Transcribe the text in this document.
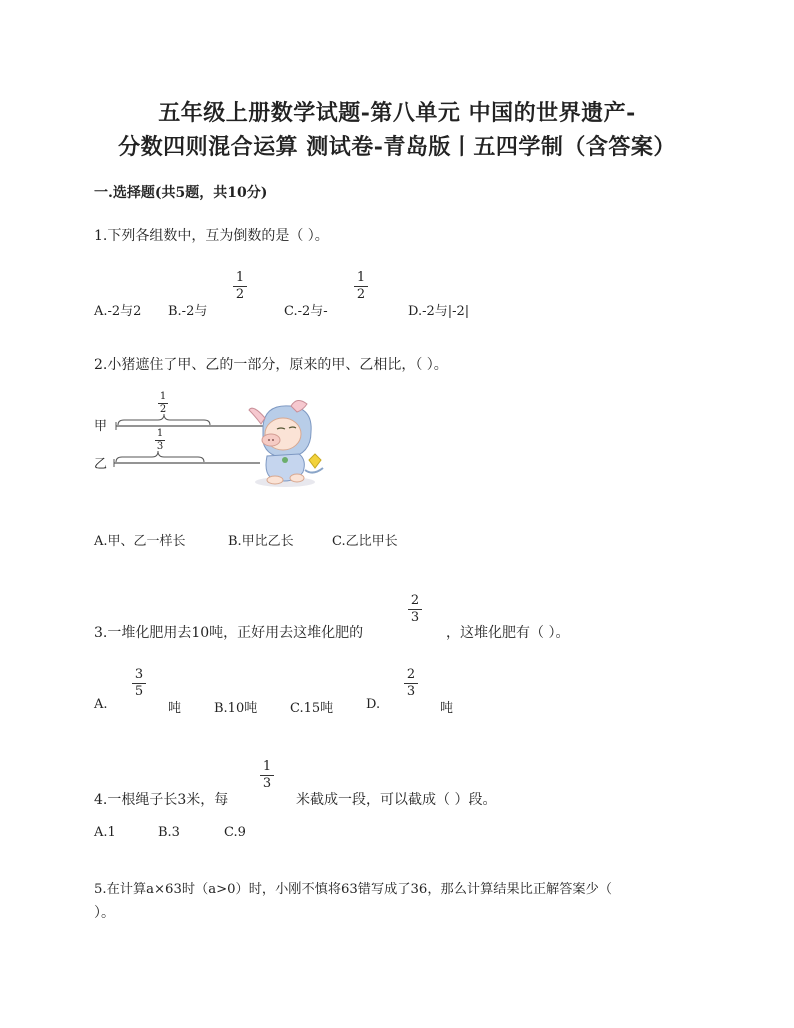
五年级上册数学试题-第八单元 中国的世界遗产-
分数四则混合运算 测试卷-青岛版丨五四学制（含答案）
一.选择题(共5题，共10分)
1.下列各组数中，互为倒数的是（ ）。
A.-2与2 B.-2与
1
2
C.-2与-
1
2
D.-2与|-2|
2.小猪遮住了甲、乙的一部分，原来的甲、乙相比，（ ）。
甲
乙
1
2
1
3
A.甲、乙一样长	B.甲比乙长	C.乙比甲长
3.一堆化肥用去10吨，正好用去这堆化肥的
2
3
，这堆化肥有（ ）。
A.
3
5
吨	B.10吨	C.15吨	D.
2
3
吨
4.一根绳子长3米，每
1
3
米截成一段，可以截成（ ）段。
A.1	B.3	C.9
5.在计算a×63时（a>0）时，小刚不慎将63错写成了36，那么计算结果比正解答案少（
）。
